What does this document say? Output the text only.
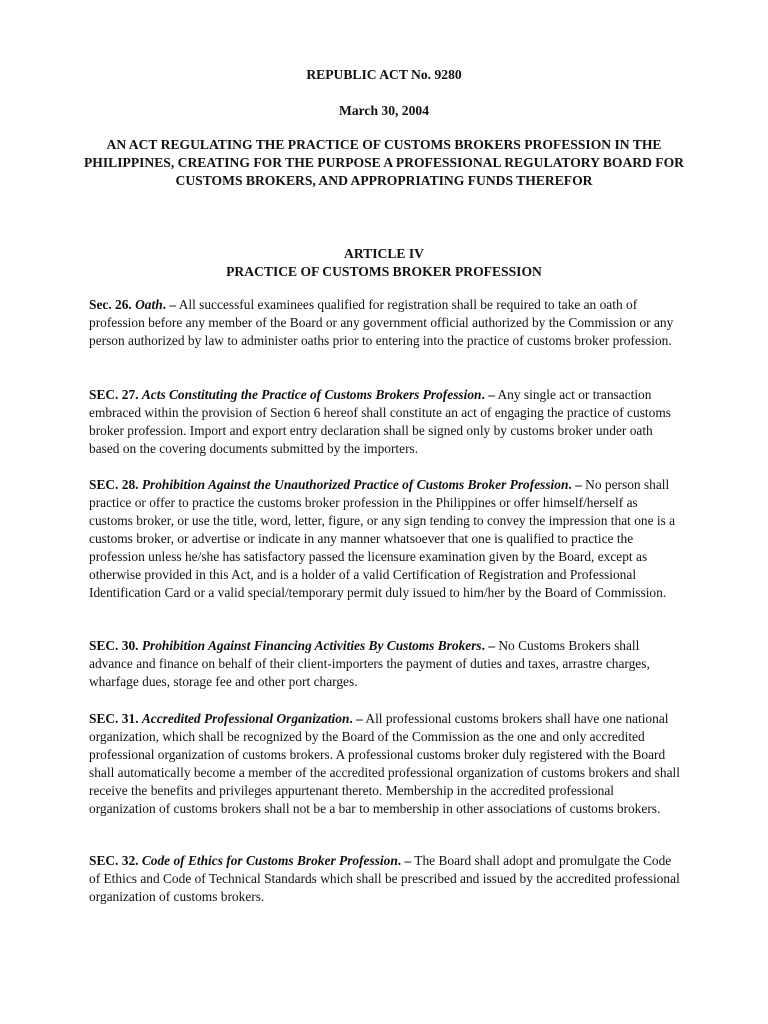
REPUBLIC ACT No. 9280
March 30, 2004
AN ACT REGULATING THE PRACTICE OF CUSTOMS BROKERS PROFESSION IN THE PHILIPPINES, CREATING FOR THE PURPOSE A PROFESSIONAL REGULATORY BOARD FOR CUSTOMS BROKERS, AND APPROPRIATING FUNDS THEREFOR
ARTICLE IV
PRACTICE OF CUSTOMS BROKER PROFESSION

Sec. 26. Oath. – All successful examinees qualified for registration shall be required to take an oath of profession before any member of the Board or any government official authorized by the Commission or any person authorized by law to administer oaths prior to entering into the practice of customs broker profession.

SEC. 27. Acts Constituting the Practice of Customs Brokers Profession. – Any single act or transaction embraced within the provision of Section 6 hereof shall constitute an act of engaging the practice of customs broker profession. Import and export entry declaration shall be signed only by customs broker under oath based on the covering documents submitted by the importers.

SEC. 28. Prohibition Against the Unauthorized Practice of Customs Broker Profession. – No person shall practice or offer to practice the customs broker profession in the Philippines or offer himself/herself as customs broker, or use the title, word, letter, figure, or any sign tending to convey the impression that one is a customs broker, or advertise or indicate in any manner whatsoever that one is qualified to practice the profession unless he/she has satisfactory passed the licensure examination given by the Board, except as otherwise provided in this Act, and is a holder of a valid Certification of Registration and Professional Identification Card or a valid special/temporary permit duly issued to him/her by the Board of Commission.

SEC. 30. Prohibition Against Financing Activities By Customs Brokers. – No Customs Brokers shall advance and finance on behalf of their client-importers the payment of duties and taxes, arrastre charges, wharfage dues, storage fee and other port charges.

SEC. 31. Accredited Professional Organization. – All professional customs brokers shall have one national organization, which shall be recognized by the Board of the Commission as the one and only accredited professional organization of customs brokers. A professional customs broker duly registered with the Board shall automatically become a member of the accredited professional organization of customs brokers and shall receive the benefits and privileges appurtenant thereto. Membership in the accredited professional organization of customs brokers shall not be a bar to membership in other associations of customs brokers.

SEC. 32. Code of Ethics for Customs Broker Profession. – The Board shall adopt and promulgate the Code of Ethics and Code of Technical Standards which shall be prescribed and issued by the accredited professional organization of customs brokers.
